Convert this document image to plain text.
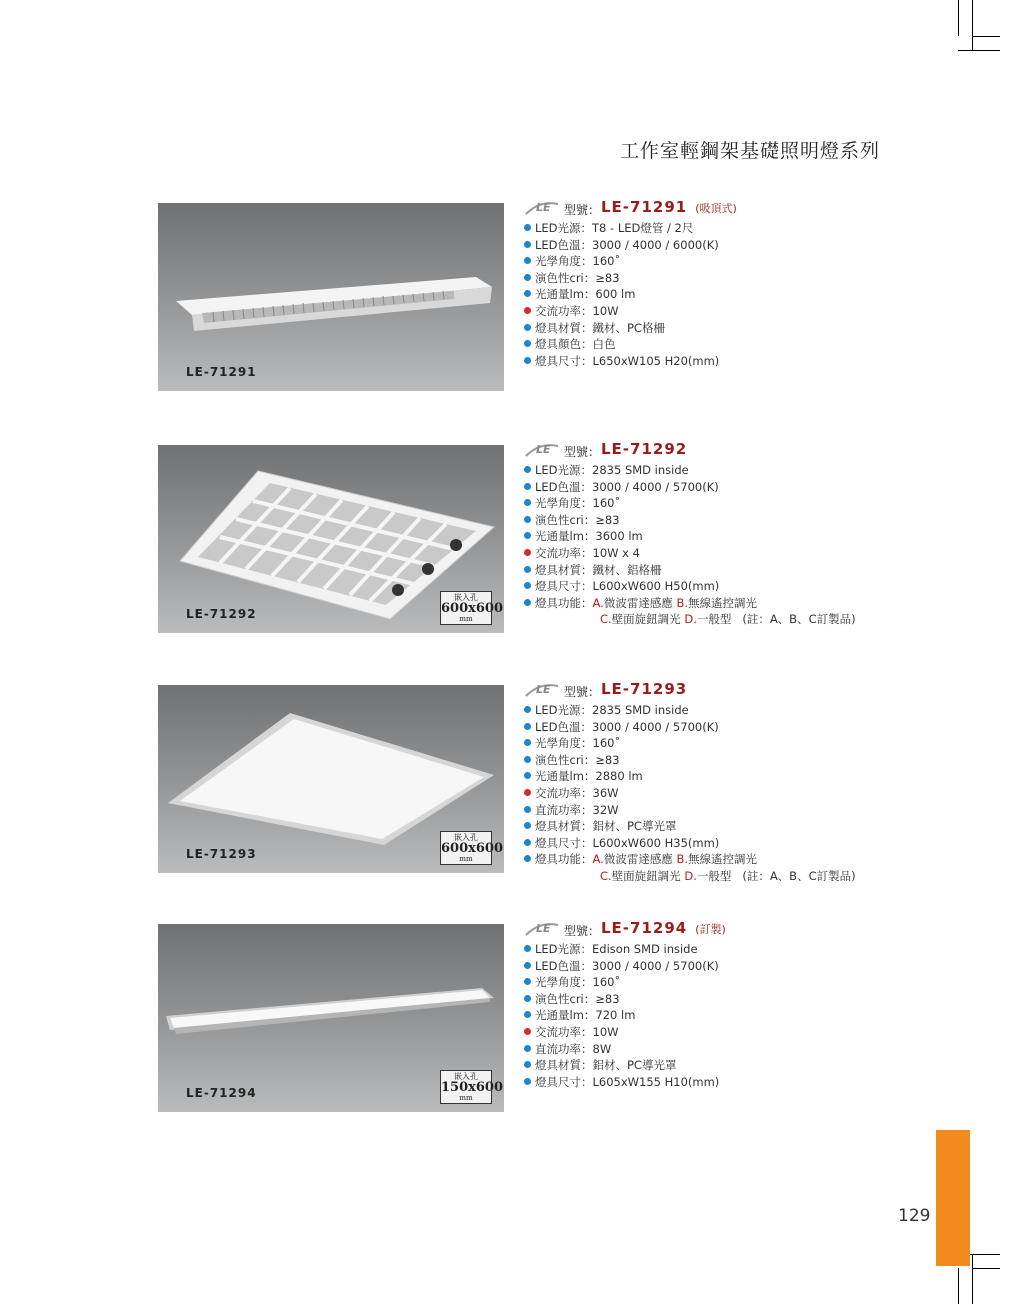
工作室輕鋼架基礎照明燈系列
LE-71291
LE 型號： LE-71291 (吸頂式)
LED光源：T8 - LED燈管 / 2尺
LED色溫：3000 / 4000 / 6000(K)
光學角度：160˚
演色性cri：≥83
光通量lm：600 lm
交流功率：10W
燈具材質：鐵材、PC格柵
燈具顏色：白色
燈具尺寸：L650xW105 H20(mm)
LE-71292
嵌入孔
600x600
mm
LE 型號： LE-71292
LED光源：2835 SMD inside
LED色溫：3000 / 4000 / 5700(K)
光學角度：160˚
演色性cri：≥83
光通量lm：3600 lm
交流功率：10W x 4
燈具材質：鐵材、鋁格柵
燈具尺寸：L600xW600 H50(mm)
燈具功能：A.微波雷達感應 B.無線遙控調光
C.壁面旋鈕調光 D.一般型 (註：A、B、C訂製品)
LE-71293
嵌入孔
600x600
mm
LE 型號： LE-71293
LED光源：2835 SMD inside
LED色溫：3000 / 4000 / 5700(K)
光學角度：160˚
演色性cri：≥83
光通量lm：2880 lm
交流功率：36W
直流功率：32W
燈具材質：鋁材、PC導光罩
燈具尺寸：L600xW600 H35(mm)
燈具功能：A.微波雷達感應 B.無線遙控調光
C.壁面旋鈕調光 D.一般型 (註：A、B、C訂製品)
LE-71294
嵌入孔
150x600
mm
LE 型號： LE-71294 (訂製)
LED光源：Edison SMD inside
LED色溫：3000 / 4000 / 5700(K)
光學角度：160˚
演色性cri：≥83
光通量lm：720 lm
交流功率：10W
直流功率：8W
燈具材質：鋁材、PC導光罩
燈具尺寸：L605xW155 H10(mm)
129
